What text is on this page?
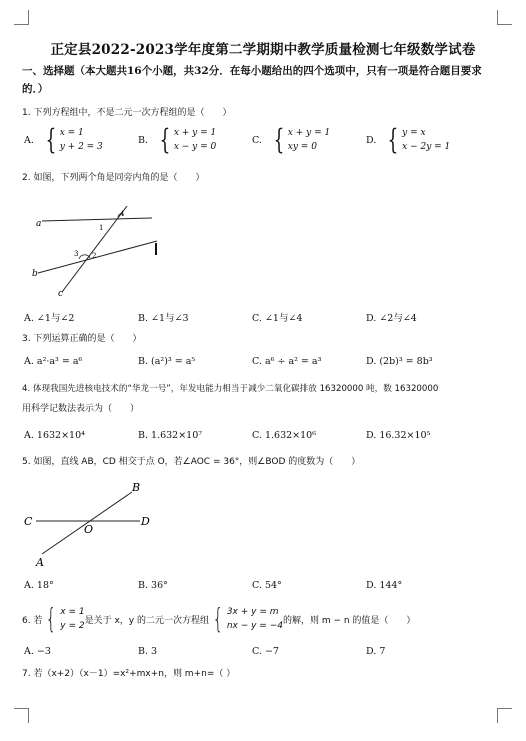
正定县2022-2023学年度第二学期期中教学质量检测七年级数学试卷
一、选择题（本大题共16个小题，共32分．在每小题给出的四个选项中，只有一项是符合题目要求的．）
1. 下列方程组中，不是二元一次方程组的是（　　）
A. { x = 1
y + 2 = 3
B. { x + y = 1
x − y = 0
C. { x + y = 1
xy = 0
D. { y = x
x − 2y = 1
2. 如图，下列两个角是同旁内角的是（　　）
a
b
c
1
2
3
4
A. ∠1与∠2	B. ∠1与∠3	C. ∠1与∠4	D. ∠2与∠4
3. 下列运算正确的是（　　）
A. a²·a³ = a⁶	B. (a²)³ = a⁵	C. a⁶ ÷ a² = a³	D. (2b)³ = 8b³
4. 体现我国先进核电技术的“华龙一号”，年发电能力相当于减少二氧化碳排放 16320000 吨，数 16320000
用科学记数法表示为（　　）
A. 1632×10⁴	B. 1.632×10⁷	C. 1.632×10⁶	D. 16.32×10⁵
5. 如图，直线 AB，CD 相交于点 O，若∠AOC = 36°，则∠BOD 的度数为（　　）
C	D
B
A
O
A. 18°	B. 36°	C. 54°	D. 144°
6. 若 { x = 1
y = 2
是关于 x，y 的二元一次方程组 { 3x + y = m
nx − y = −4
的解，则 m − n 的值是（　　）
A. −3	B. 3	C. −7	D. 7
7. 若（x+2）（x－1）=x²+mx+n，则 m+n=（ ）
